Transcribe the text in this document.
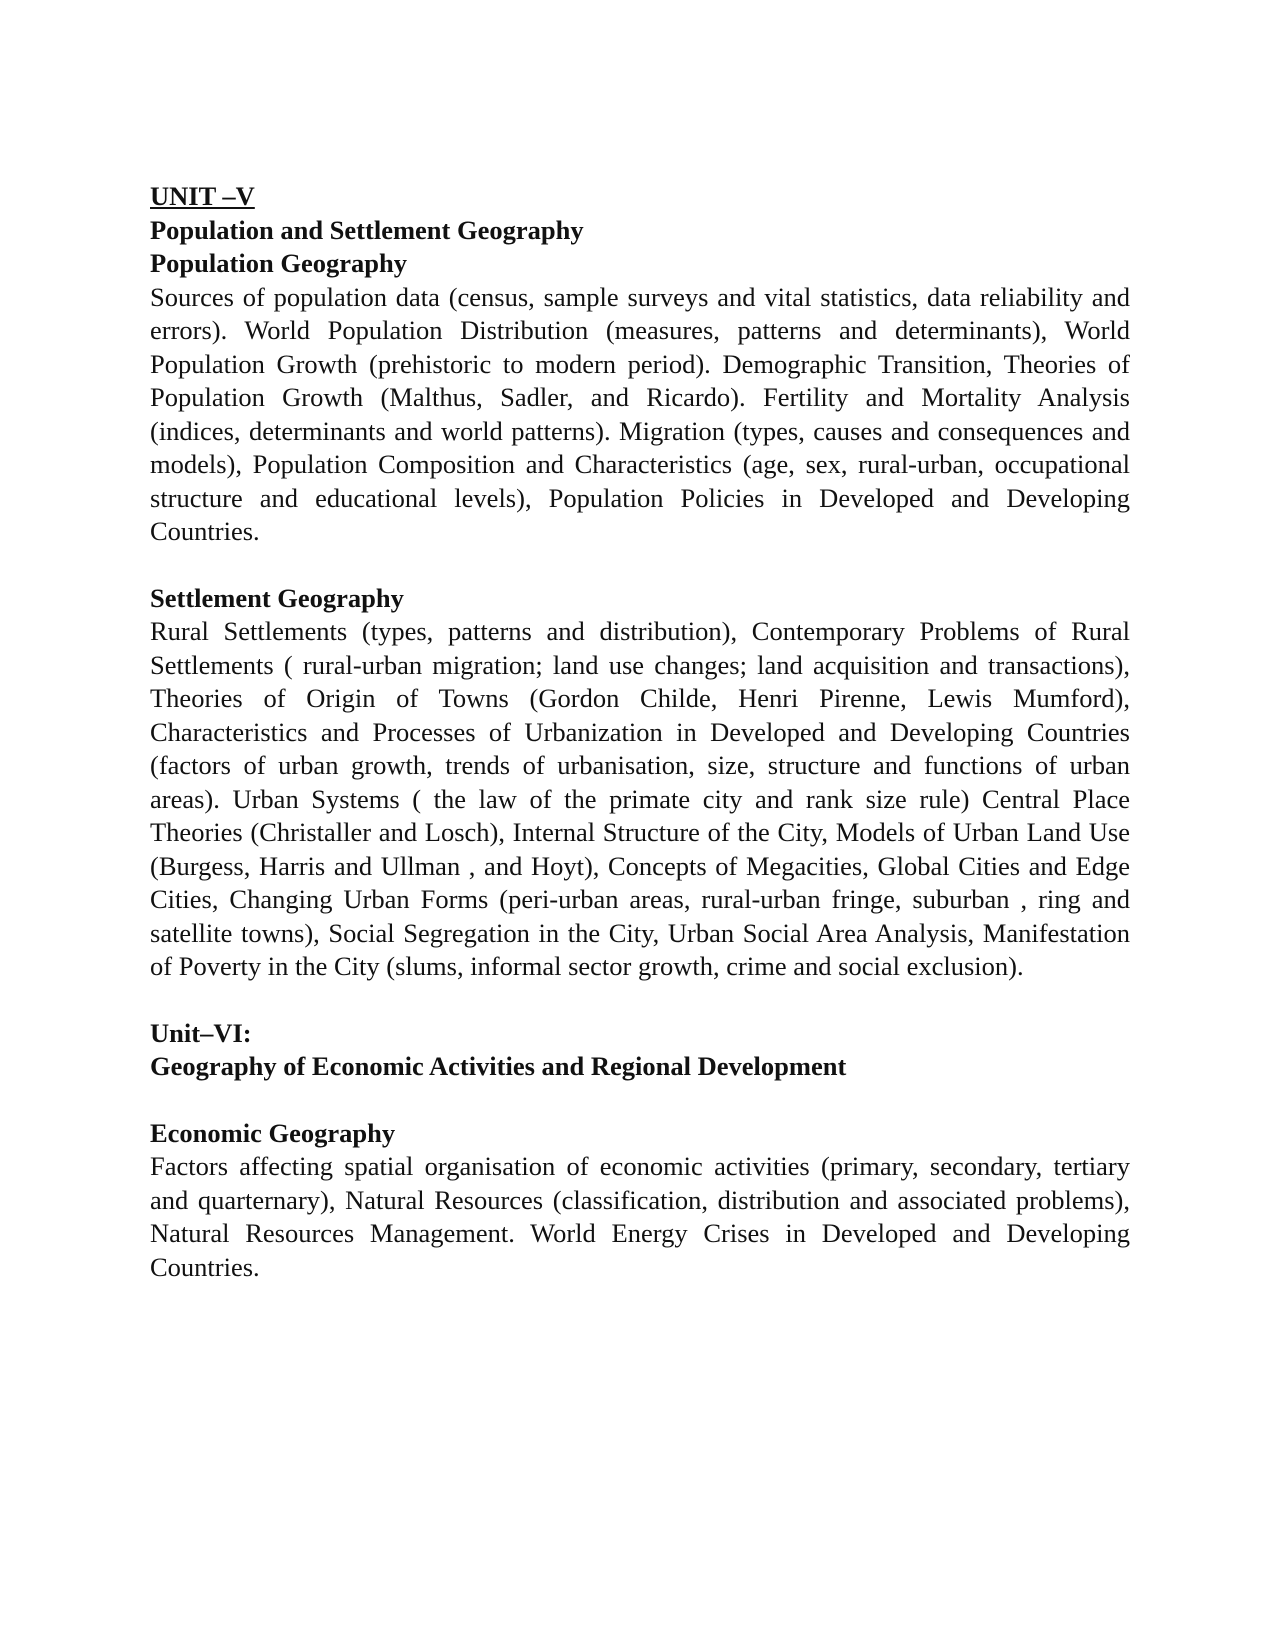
UNIT –V
Population and Settlement Geography
Population Geography

Sources of population data (census, sample surveys and vital statistics, data reliability and errors). World Population Distribution (measures, patterns and determinants), World Population Growth (prehistoric to modern period). Demographic Transition, Theories of Population Growth (Malthus, Sadler, and Ricardo). Fertility and Mortality Analysis (indices, determinants and world patterns). Migration (types, causes and consequences and models), Population Composition and Characteristics (age, sex, rural-urban, occupational structure and educational levels), Population Policies in Developed and Developing Countries.

Settlement Geography

Rural Settlements (types, patterns and distribution), Contemporary Problems of Rural Settlements ( rural-urban migration; land use changes; land acquisition and transactions), Theories of Origin of Towns (Gordon Childe, Henri Pirenne, Lewis Mumford), Characteristics and Processes of Urbanization in Developed and Developing Countries (factors of urban growth, trends of urbanisation, size, structure and functions of urban areas). Urban Systems ( the law of the primate city and rank size rule) Central Place Theories (Christaller and Losch), Internal Structure of the City, Models of Urban Land Use (Burgess, Harris and Ullman , and Hoyt), Concepts of Megacities, Global Cities and Edge Cities, Changing Urban Forms (peri-urban areas, rural-urban fringe, suburban , ring and satellite towns), Social Segregation in the City, Urban Social Area Analysis, Manifestation of Poverty in the City (slums, informal sector growth, crime and social exclusion).

Unit–VI:
Geography of Economic Activities and Regional Development
Economic Geography

Factors affecting spatial organisation of economic activities (primary, secondary, tertiary and quarternary), Natural Resources (classification, distribution and associated problems), Natural Resources Management. World Energy Crises in Developed and Developing Countries.
